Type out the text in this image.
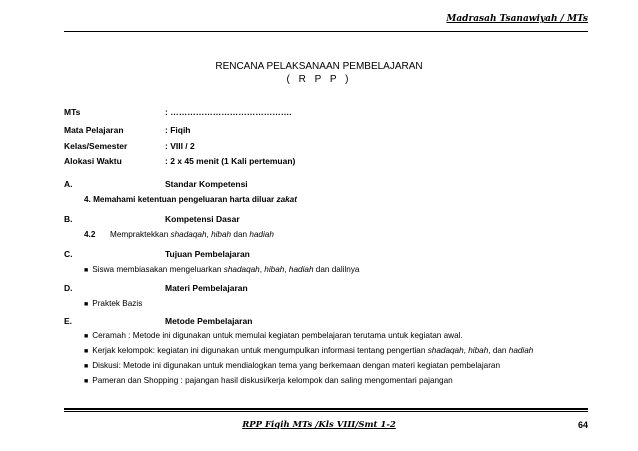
Madrasah Tsanawiyah / MTs
RENCANA PELAKSANAAN PEMBELAJARAN
( R P P )
MTs	: …………………………………….
Mata Pelajaran	: Fiqih
Kelas/Semester	: VIII / 2
Alokasi Waktu	: 2 x 45 menit (1 Kali pertemuan)
A.	Standar Kompetensi
4. Memahami ketentuan pengeluaran harta diluar zakat
B.	Kompetensi Dasar
4.2 Mempraktekkan shadaqah, hibah dan hadiah
C.	Tujuan Pembelajaran
■ Siswa membiasakan mengeluarkan shadaqah, hibah, hadiah dan dalilnya
D.	Materi Pembelajaran
■ Praktek Bazis
E.	Metode Pembelajaran
■ Ceramah : Metode ini digunakan untuk memulai kegiatan pembelajaran terutama untuk kegiatan awal.
■ Kerjak kelompok: kegiatan ini digunakan untuk mengumpulkan informasi tentang pengertian shadaqah, hibah, dan hadiah
■ Diskusi: Metode ini digunakan untuk mendialogkan tema yang berkemaan dengan materi kegiatan pembelajaran
■ Pameran dan Shopping : pajangan hasil diskusi/kerja kelompok dan saling mengomentari pajangan
RPP Fiqih MTs /Kls VIII/Smt 1-2	64
